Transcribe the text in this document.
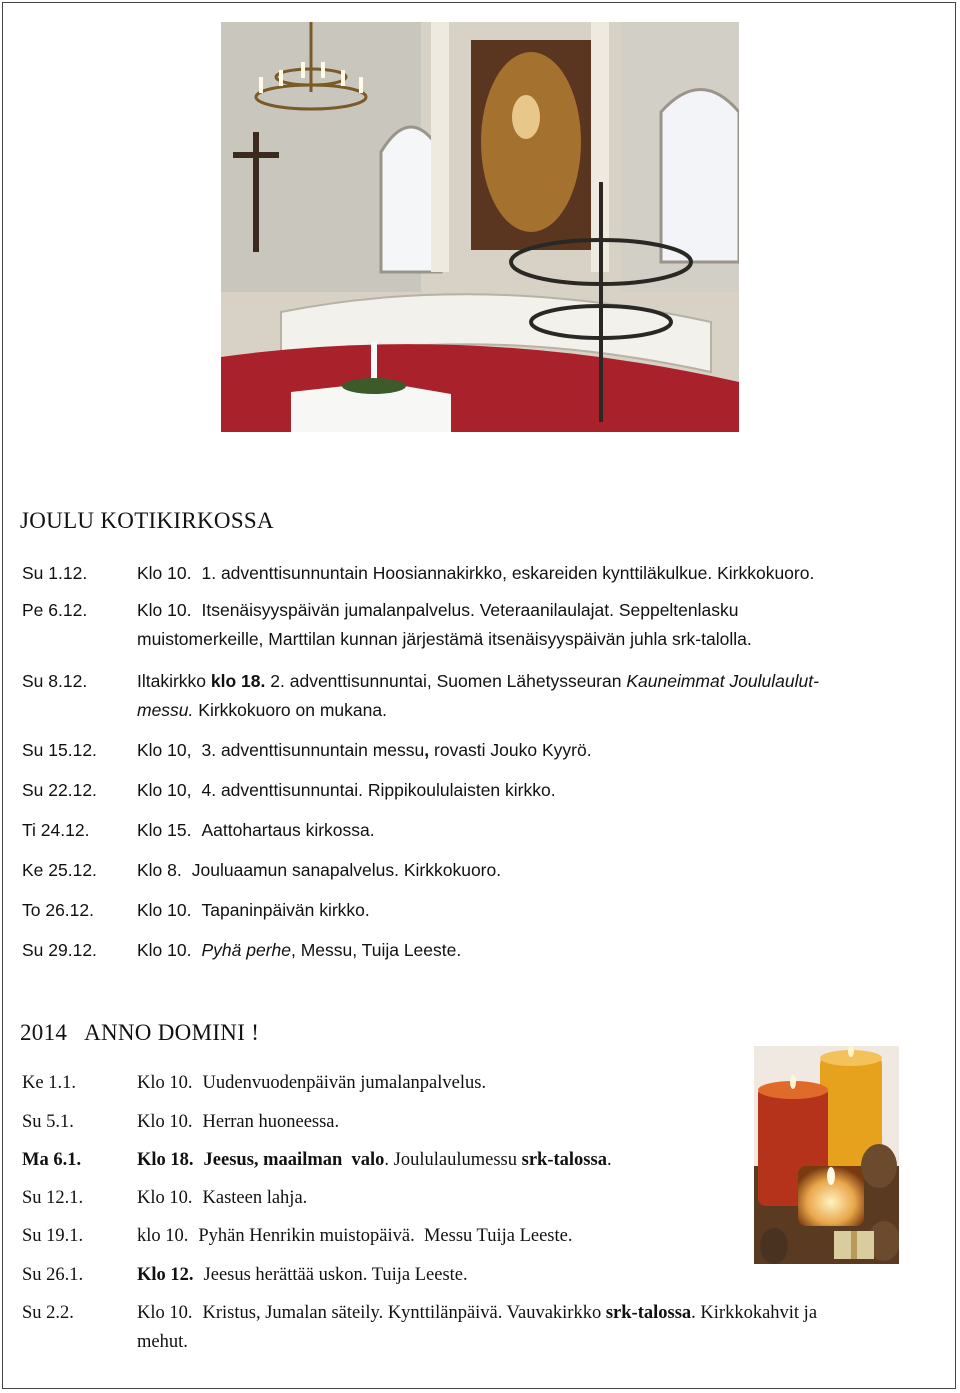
JOULU KOTIKIRKOSSA
Su 1.12.	Klo 10. 1. adventtisunnuntain Hoosiannakirkko, eskareiden kynttiläkulkue. Kirkkokuoro.
Pe 6.12.	Klo 10. Itsenäisyyspäivän jumalanpalvelus. Veteraanilaulajat. Seppeltenlasku
muistomerkeille, Marttilan kunnan järjestämä itsenäisyyspäivän juhla srk-talolla.
Su 8.12.	Iltakirkko klo 18. 2. adventtisunnuntai, Suomen Lähetysseuran Kauneimmat Joululaulut-
messu. Kirkkokuoro on mukana.
Su 15.12. Klo 10, 3. adventtisunnuntain messu, rovasti Jouko Kyyrö.
Su 22.12. Klo 10, 4. adventtisunnuntai. Rippikoululaisten kirkko.
Ti 24.12.	Klo 15. Aattohartaus kirkossa.
Ke 25.12. Klo 8. Jouluaamun sanapalvelus. Kirkkokuoro.
To 26.12. Klo 10. Tapaninpäivän kirkko.
Su 29.12. Klo 10. Pyhä perhe, Messu, Tuija Leeste.
2014   ANNO DOMINI !
Ke 1.1.	Klo 10. Uudenvuodenpäivän jumalanpalvelus.
Su 5.1.	Klo 10. Herran huoneessa.
Ma 6.1.	Klo 18. Jeesus, maailman  valo. Joululaulumessu srk-talossa.
Su 12.1.	Klo 10. Kasteen lahja.
Su 19.1.	klo 10. Pyhän Henrikin muistopäivä.  Messu Tuija Leeste.
Su 26.1.	Klo 12. Jeesus herättää uskon. Tuija Leeste.
Su 2.2.	Klo 10. Kristus, Jumalan säteily. Kynttilänpäivä. Vauvakirkko srk-talossa. Kirkkokahvit ja
mehut.
